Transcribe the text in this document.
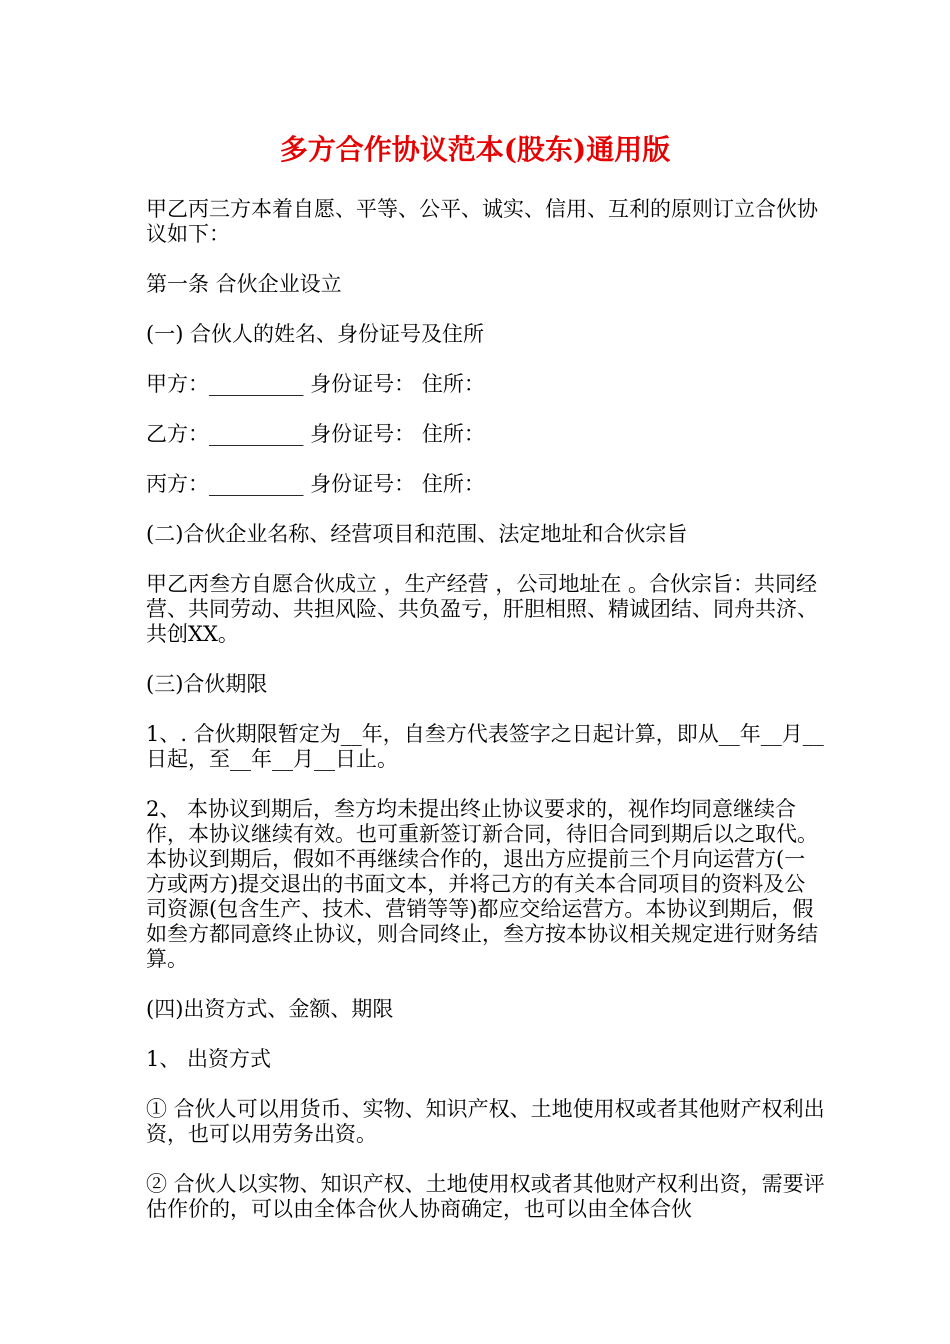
多方合作协议范本(股东)通用版

甲乙丙三方本着自愿、平等、公平、诚实、信用、互利的原则订立合伙协议如下：

第一条 合伙企业设立

(一) 合伙人的姓名、身份证号及住所

甲方：_________ 身份证号： 住所：

乙方：_________ 身份证号： 住所：

丙方：_________ 身份证号： 住所：

(二)合伙企业名称、经营项目和范围、法定地址和合伙宗旨

甲乙丙叁方自愿合伙成立 ，生产经营 ，公司地址在 。合伙宗旨：共同经营、共同劳动、共担风险、共负盈亏，肝胆相照、精诚团结、同舟共济、共创XX。

(三)合伙期限

1、. 合伙期限暂定为__年，自叁方代表签字之日起计算，即从__年__月__日起，至__年__月__日止。

2、 本协议到期后，叁方均未提出终止协议要求的，视作均同意继续合作，本协议继续有效。也可重新签订新合同，待旧合同到期后以之取代。本协议到期后，假如不再继续合作的，退出方应提前三个月向运营方(一方或两方)提交退出的书面文本，并将己方的有关本合同项目的资料及公司资源(包含生产、技术、营销等等)都应交给运营方。本协议到期后，假如叁方都同意终止协议，则合同终止，叁方按本协议相关规定进行财务结算。

(四)出资方式、金额、期限

1、 出资方式

① 合伙人可以用货币、实物、知识产权、土地使用权或者其他财产权利出资，也可以用劳务出资。

② 合伙人以实物、知识产权、土地使用权或者其他财产权利出资，需要评估作价的，可以由全体合伙人协商确定，也可以由全体合伙
